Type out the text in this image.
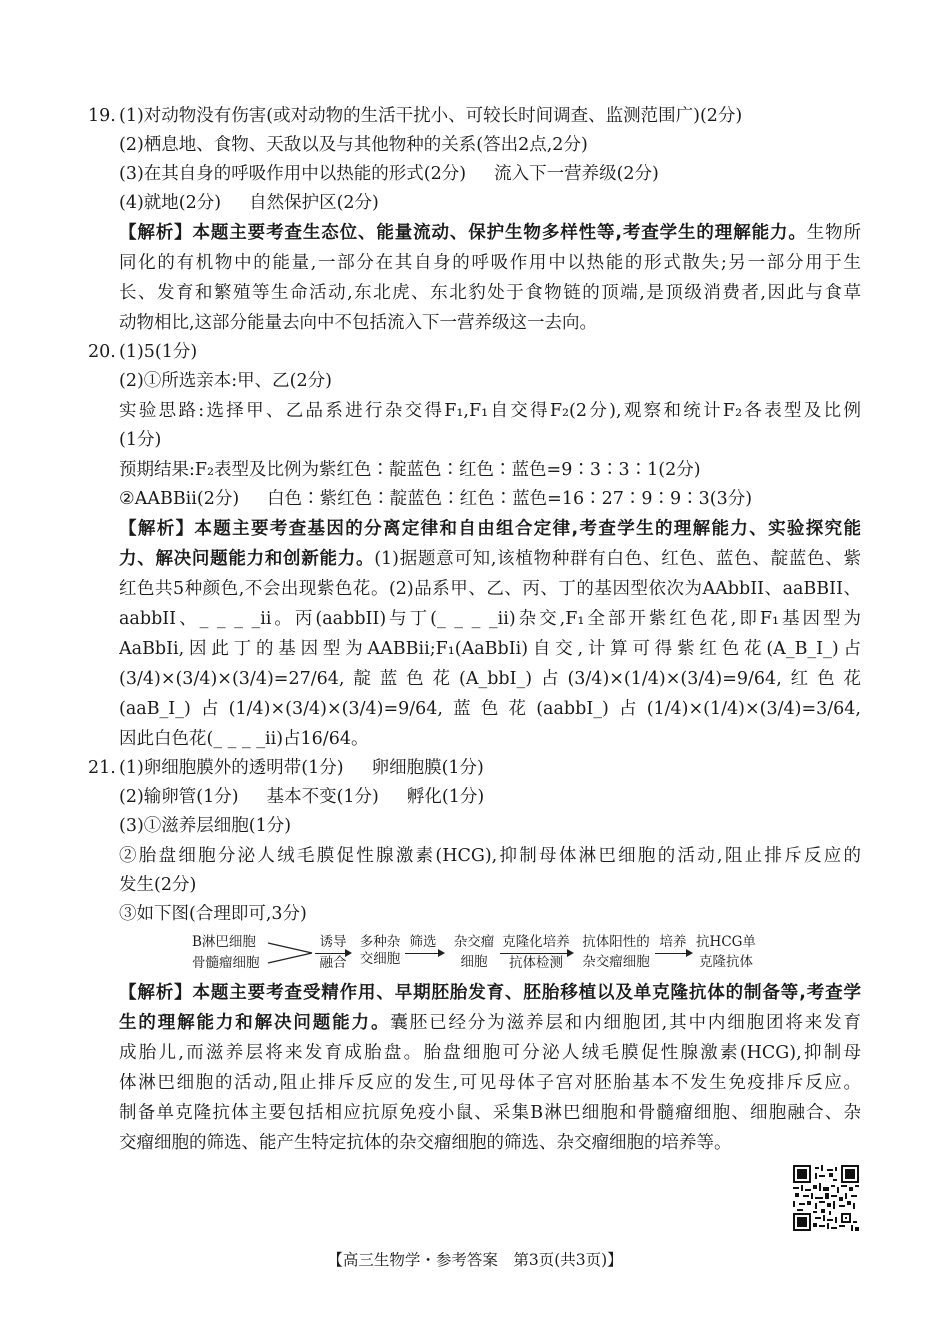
19. (1)对动物没有伤害(或对动物的生活干扰小、可较长时间调查、监测范围广)(2分)
(2)栖息地、食物、天敌以及与其他物种的关系(答出2点,2分)
(3)在其自身的呼吸作用中以热能的形式(2分) 流入下一营养级(2分)
(4)就地(2分) 自然保护区(2分)
【解析】本题主要考查生态位、能量流动、保护生物多样性等,考查学生的理解能力。生物所
同化的有机物中的能量,一部分在其自身的呼吸作用中以热能的形式散失;另一部分用于生
长、发育和繁殖等生命活动,东北虎、东北豹处于食物链的顶端,是顶级消费者,因此与食草
动物相比,这部分能量去向中不包括流入下一营养级这一去向。
20. (1)5(1分)
(2)①所选亲本:甲、乙(2分)
实验思路:选择甲、乙品系进行杂交得F₁,F₁自交得F₂(2分),观察和统计F₂各表型及比例
(1分)
预期结果:F₂表型及比例为紫红色∶靛蓝色∶红色∶蓝色=9∶3∶3∶1(2分)
②AABBii(2分) 白色∶紫红色∶靛蓝色∶红色∶蓝色=16∶27∶9∶9∶3(3分)
【解析】本题主要考查基因的分离定律和自由组合定律,考查学生的理解能力、实验探究能
力、解决问题能力和创新能力。(1)据题意可知,该植物种群有白色、红色、蓝色、靛蓝色、紫
红色共5种颜色,不会出现紫色花。(2)品系甲、乙、丙、丁的基因型依次为AAbbII、aaBBII、
aabbII、_ _ _ _ii。丙(aabbII)与丁(_ _ _ _ii)杂交,F₁全部开紫红色花,即F₁基因型为
AaBbIi,因此丁的基因型为AABBii;F₁(AaBbIi)自交,计算可得紫红色花(A_B_I_)占
(3/4)×(3/4)×(3/4)=27/64,靛蓝色花(A_bbI_)占(3/4)×(1/4)×(3/4)=9/64,红色花
(aaB_I_)占(1/4)×(3/4)×(3/4)=9/64,蓝色花(aabbI_)占(1/4)×(1/4)×(3/4)=3/64,
因此白色花(_ _ _ _ii)占16/64。
21. (1)卵细胞膜外的透明带(1分) 卵细胞膜(1分)
(2)输卵管(1分) 基本不变(1分) 孵化(1分)
(3)①滋养层细胞(1分)
②胎盘细胞分泌人绒毛膜促性腺激素(HCG),抑制母体淋巴细胞的活动,阻止排斥反应的
发生(2分)
③如下图(合理即可,3分)
B淋巴细胞
骨髓瘤细胞
诱导
融合
多种杂
交细胞
筛选	杂交瘤
细胞
克隆化培养
抗体检测
抗体阳性的
杂交瘤细胞
培养 抗HCG单
克隆抗体
【解析】本题主要考查受精作用、早期胚胎发育、胚胎移植以及单克隆抗体的制备等,考查学
生的理解能力和解决问题能力。囊胚已经分为滋养层和内细胞团,其中内细胞团将来发育
成胎儿,而滋养层将来发育成胎盘。胎盘细胞可分泌人绒毛膜促性腺激素(HCG),抑制母
体淋巴细胞的活动,阻止排斥反应的发生,可见母体子宫对胚胎基本不发生免疫排斥反应。
制备单克隆抗体主要包括相应抗原免疫小鼠、采集B淋巴细胞和骨髓瘤细胞、细胞融合、杂
交瘤细胞的筛选、能产生特定抗体的杂交瘤细胞的筛选、杂交瘤细胞的培养等。
【高三生物学・参考答案　第3页(共3页)】
